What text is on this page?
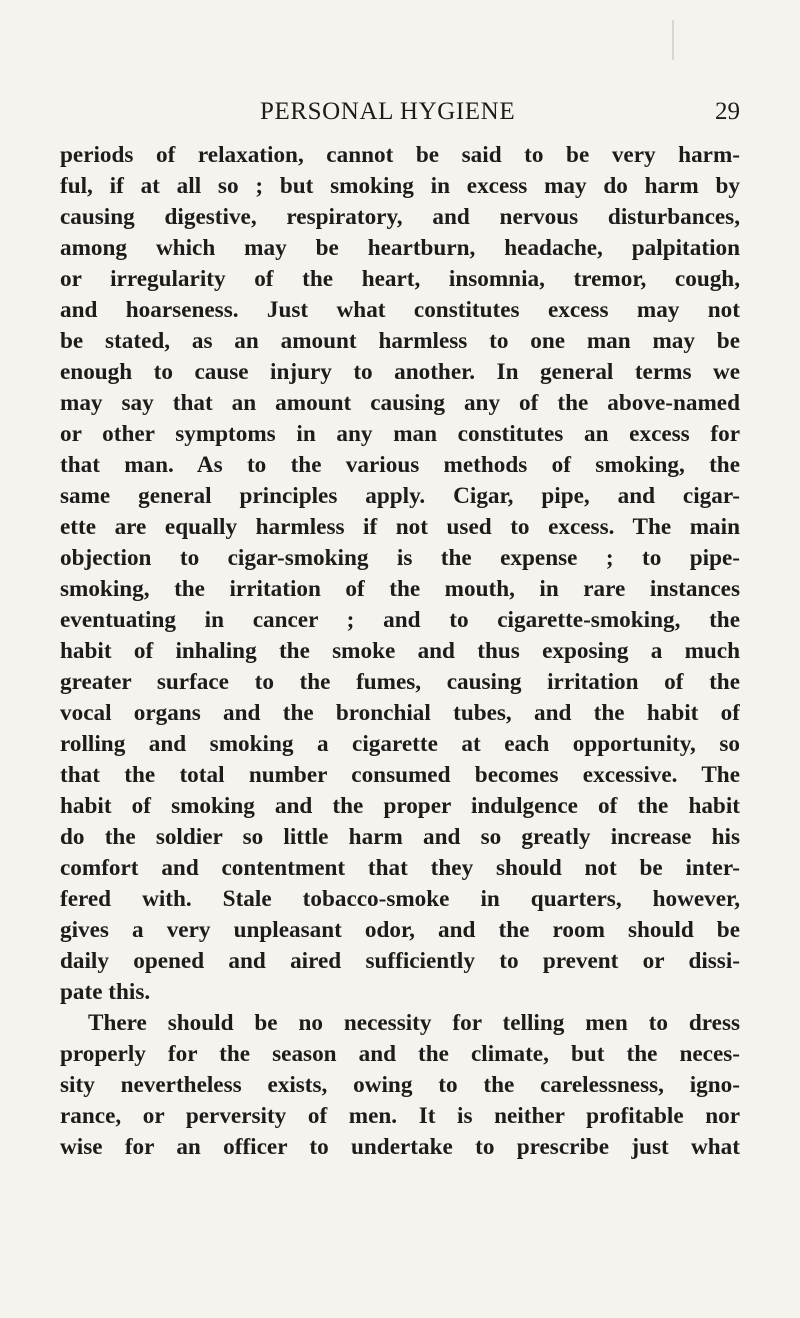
PERSONAL HYGIENE	29
periods of relaxation, cannot be said to be very harm-
ful, if at all so ; but smoking in excess may do harm by
causing digestive, respiratory, and nervous disturbances,
among which may be heartburn, headache, palpitation
or irregularity of the heart, insomnia, tremor, cough,
and hoarseness. Just what constitutes excess may not
be stated, as an amount harmless to one man may be
enough to cause injury to another. In general terms we
may say that an amount causing any of the above-named
or other symptoms in any man constitutes an excess for
that man. As to the various methods of smoking, the
same general principles apply. Cigar, pipe, and cigar-
ette are equally harmless if not used to excess. The main
objection to cigar-smoking is the expense ; to pipe-
smoking, the irritation of the mouth, in rare instances
eventuating in cancer ; and to cigarette-smoking, the
habit of inhaling the smoke and thus exposing a much
greater surface to the fumes, causing irritation of the
vocal organs and the bronchial tubes, and the habit of
rolling and smoking a cigarette at each opportunity, so
that the total number consumed becomes excessive. The
habit of smoking and the proper indulgence of the habit
do the soldier so little harm and so greatly increase his
comfort and contentment that they should not be inter-
fered with. Stale tobacco-smoke in quarters, however,
gives a very unpleasant odor, and the room should be
daily opened and aired sufficiently to prevent or dissi-
pate this.
There should be no necessity for telling men to dress
properly for the season and the climate, but the neces-
sity nevertheless exists, owing to the carelessness, igno-
rance, or perversity of men. It is neither profitable nor
wise for an officer to undertake to prescribe just what
